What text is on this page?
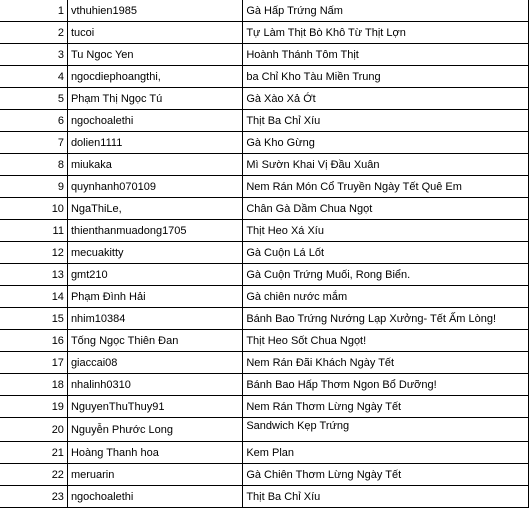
1	vthuhien1985	Gà Hấp Trứng Nấm
2	tucoi	Tự Làm Thịt Bò Khô Từ Thịt Lợn
3	Tu Ngoc Yen	Hoành Thánh Tôm Thịt
4	ngocdiephoangthi,	ba Chỉ Kho Tàu Miền Trung
5	Phạm Thị Ngọc Tú	Gà Xào Xả Ớt
6	ngochoalethi	Thịt Ba Chỉ Xíu
7	dolien1111	Gà Kho Gừng
8	miukaka	Mì Sườn Khai Vị Đầu Xuân
9	quynhanh070109	Nem Rán Món Cổ Truyền Ngày Tết Quê Em
10	NgaThiLe,	Chân Gà Dầm Chua Ngọt
11	thienthanmuadong1705	Thịt Heo Xá Xíu
12	mecuakitty	Gà Cuộn Lá Lốt
13	gmt210	Gà Cuộn Trứng Muối, Rong Biển.
14	Phạm Đình Hải	Gà chiên nước mắm
15	nhim10384	Bánh Bao Trứng Nướng Lạp Xưởng- Tết Ấm Lòng!
16	Tống Ngọc Thiên Đan	Thịt Heo Sốt Chua Ngọt!
17	giaccai08	Nem Rán Đãi Khách Ngày Tết
18	nhalinh0310	Bánh Bao Hấp Thơm Ngon Bổ Dưỡng!
19	NguyenThuThuy91	Nem Rán Thơm Lừng Ngày Tết
20	Nguyễn Phước Long	Sandwich Kẹp Trứng
21	Hoàng Thanh hoa	Kem Plan
22	meruarin	Gà Chiên Thơm Lừng Ngày Tết
23	ngochoalethi	Thịt Ba Chỉ Xíu
